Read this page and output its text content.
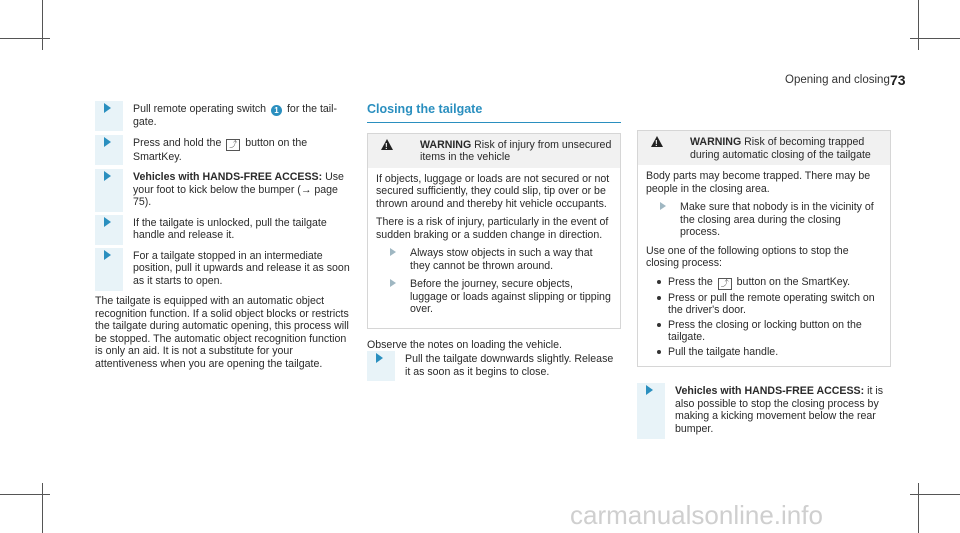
Opening and closing 73
Pull remote operating switch 1 for the tail-gate.
Press and hold the ⤴ button on the SmartKey.
Vehicles with HANDS-FREE ACCESS: Use your foot to kick below the bumper (→ page 75).
If the tailgate is unlocked, pull the tailgate handle and release it.
For a tailgate stopped in an intermediate position, pull it upwards and release it as soon as it starts to open.

The tailgate is equipped with an automatic object recognition function. If a solid object blocks or restricts the tailgate during automatic opening, this process will be stopped. The automatic object recognition function is only an aid. It is not a substitute for your attentiveness when you are opening the tailgate.

Closing the tailgate
!
WARNING Risk of injury from unsecured items in the vehicle

If objects, luggage or loads are not secured or not secured sufficiently, they could slip, tip over or be thrown around and thereby hit vehicle occupants.

There is a risk of injury, particularly in the event of sudden braking or a sudden change in direction.

Always stow objects in such a way that they cannot be thrown around.
Before the journey, secure objects, luggage or loads against slipping or tipping over.

Observe the notes on loading the vehicle.

Pull the tailgate downwards slightly. Release it as soon as it begins to close.
!
WARNING Risk of becoming trapped during automatic closing of the tailgate

Body parts may become trapped. There may be people in the closing area.

Make sure that nobody is in the vicinity of the closing area during the closing process.

Use one of the following options to stop the closing process:

Press the ⤴ button on the SmartKey.
Press or pull the remote operating switch on the driver's door.
Press the closing or locking button on the tailgate.
Pull the tailgate handle.
Vehicles with HANDS-FREE ACCESS: it is also possible to stop the closing process by making a kicking movement below the rear bumper.
carmanualsonline.info
